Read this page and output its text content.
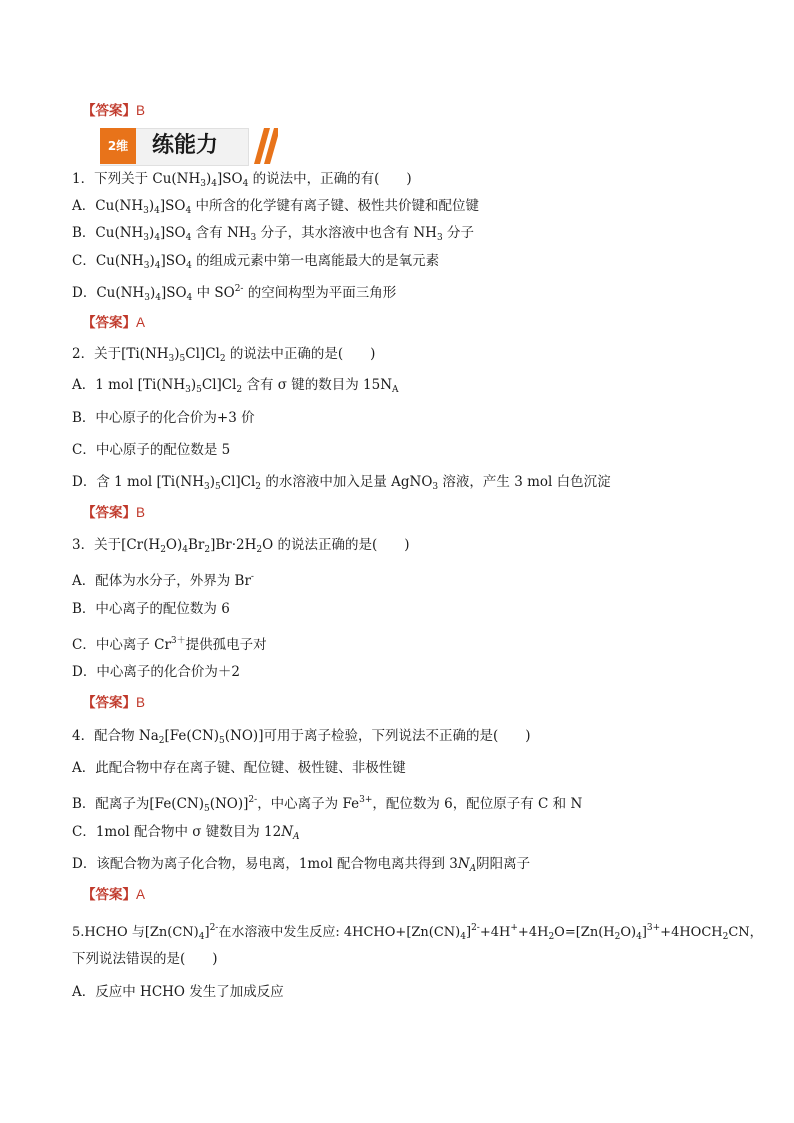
【答案】B
2维	练能力
1．下列关于 $Cu(NH_3)_4]SO_4$ 的说法中，正确的有(　　)
A．$Cu(NH_3)_4]SO_4$ 中所含的化学键有离子键、极性共价键和配位键
B．$Cu(NH_3)_4]SO_4$ 含有 $NH_3$ 分子，其水溶液中也含有 $NH_3$ 分子
C．$Cu(NH_3)_4]SO_4$ 的组成元素中第一电离能最大的是氧元素
D．$Cu(NH_3)_4]SO_4$ 中 $SO^{2-}$ 的空间构型为平面三角形
【答案】A
2．关于$[Ti(NH_3)_5Cl]Cl_2$ 的说法中正确的是(　　)
A．1 mol $[Ti(NH_3)_5Cl]Cl_2$ 含有 σ 键的数目为 $15N_A$
B．中心原子的化合价为+3 价
C．中心原子的配位数是 5
D．含 1 mol $[Ti(NH_3)_5Cl]Cl_2$ 的水溶液中加入足量 AgNO$_3$ 溶液，产生 3 mol 白色沉淀
【答案】B
3．关于$[Cr(H_2O)_4Br_2]Br\cdot 2H_2O$ 的说法正确的是(　　)
A．配体为水分子，外界为 Br-
B．中心离子的配位数为 6
C．中心离子 $Cr^{3+}$提供孤电子对
D．中心离子的化合价为＋2
【答案】B
4．配合物 $Na_2[Fe(CN)_5(NO)]$可用于离子检验，下列说法不正确的是(　　)
A．此配合物中存在离子键、配位键、极性键、非极性键
B．配离子为$[Fe(CN)_5(NO)]^{2-}$，中心离子为 $Fe^{3+}$，配位数为 6，配位原子有 C 和 N
C．1mol 配合物中 σ 键数目为 $12N_A$
D．该配合物为离子化合物，易电离，1mol 配合物电离共得到 $3N_A$阴阳离子
【答案】A
5.HCHO 与$[Zn(CN)_4]^{2-}$在水溶液中发生反应: $4HCHO+[Zn(CN)_4]^{2-}+4H^++4H_2O=[Zn(H_2O)_4]^{3+}+4HOCH_2CN$，
下列说法错误的是(　　)
A．反应中 HCHO 发生了加成反应
